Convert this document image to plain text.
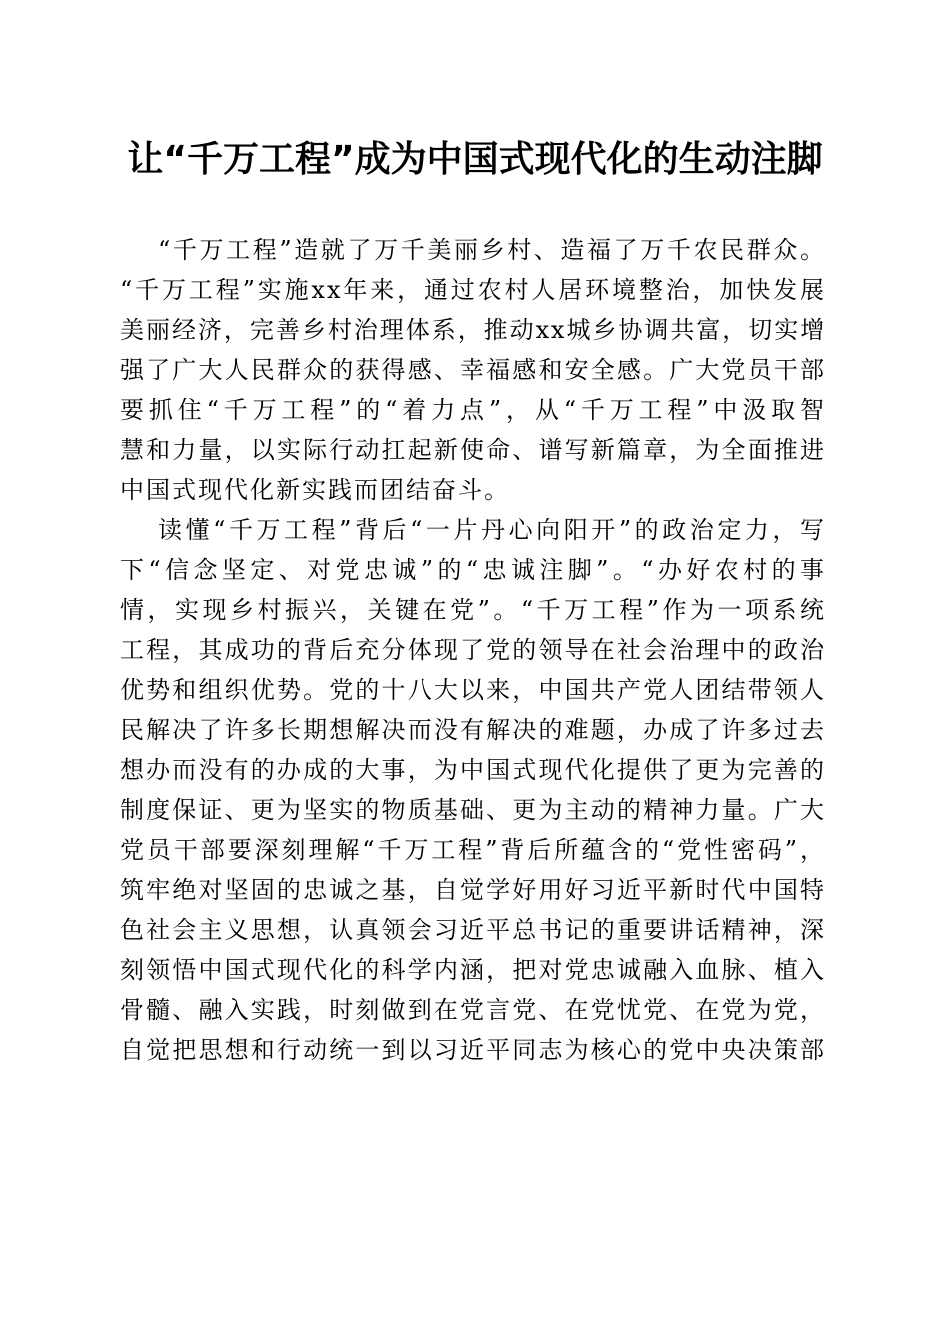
让“千万工程”成为中国式现代化的生动注脚
“千万工程”造就了万千美丽乡村、造福了万千农民群众。
“千万工程”实施xx年来，通过农村人居环境整治，加快发展
美丽经济，完善乡村治理体系，推动xx城乡协调共富，切实增
强了广大人民群众的获得感、幸福感和安全感。广大党员干部
要抓住“千万工程”的“着力点”，从“千万工程”中汲取智
慧和力量，以实际行动扛起新使命、谱写新篇章，为全面推进
中国式现代化新实践而团结奋斗。
读懂“千万工程”背后“一片丹心向阳开”的政治定力，写
下“信念坚定、对党忠诚”的“忠诚注脚”。“办好农村的事
情，实现乡村振兴，关键在党”。“千万工程”作为一项系统
工程，其成功的背后充分体现了党的领导在社会治理中的政治
优势和组织优势。党的十八大以来，中国共产党人团结带领人
民解决了许多长期想解决而没有解决的难题，办成了许多过去
想办而没有的办成的大事，为中国式现代化提供了更为完善的
制度保证、更为坚实的物质基础、更为主动的精神力量。广大
党员干部要深刻理解“千万工程”背后所蕴含的“党性密码”，
筑牢绝对坚固的忠诚之基，自觉学好用好习近平新时代中国特
色社会主义思想，认真领会习近平总书记的重要讲话精神，深
刻领悟中国式现代化的科学内涵，把对党忠诚融入血脉、植入
骨髓、融入实践，时刻做到在党言党、在党忧党、在党为党，
自觉把思想和行动统一到以习近平同志为核心的党中央决策部
